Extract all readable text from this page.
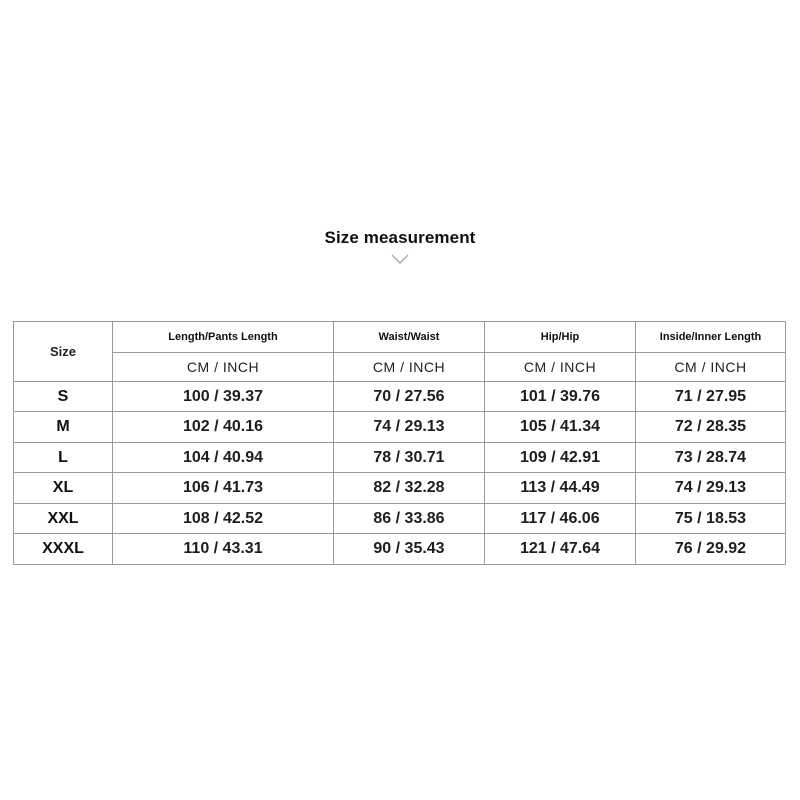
Size measurement
Size	Length/Pants Length	Waist/Waist	Hip/Hip	Inside/Inner Length
	CM / INCH	CM / INCH	CM / INCH	CM / INCH
S	100 / 39.37	70 / 27.56	101 / 39.76	71 / 27.95
M	102 / 40.16	74 / 29.13	105 / 41.34	72 / 28.35
L	104 / 40.94	78 / 30.71	109 / 42.91	73 / 28.74
XL	106 / 41.73	82 / 32.28	113 / 44.49	74 / 29.13
XXL	108 / 42.52	86 / 33.86	117 / 46.06	75 / 18.53
XXXL	110 / 43.31	90 / 35.43	121 / 47.64	76 / 29.92
